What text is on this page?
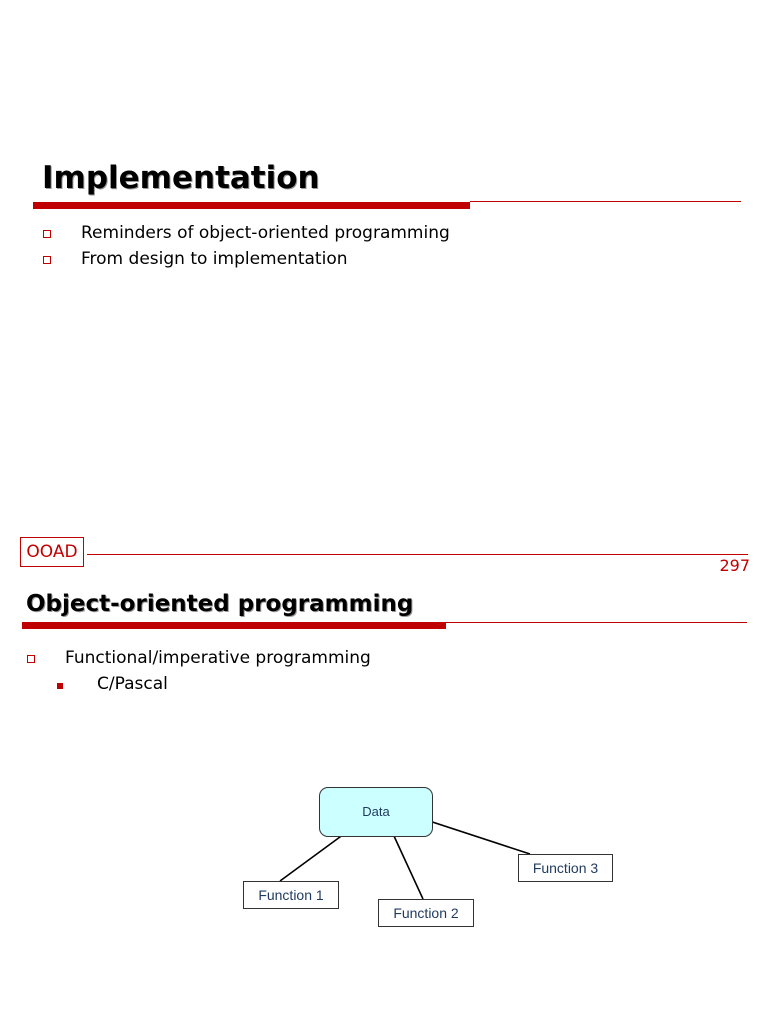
Implementation
Reminders of object-oriented programming
From design to implementation
OOAD
297
Object-oriented programming
Functional/imperative programming
C/Pascal
Data
Function 1
Function 2
Function 3
